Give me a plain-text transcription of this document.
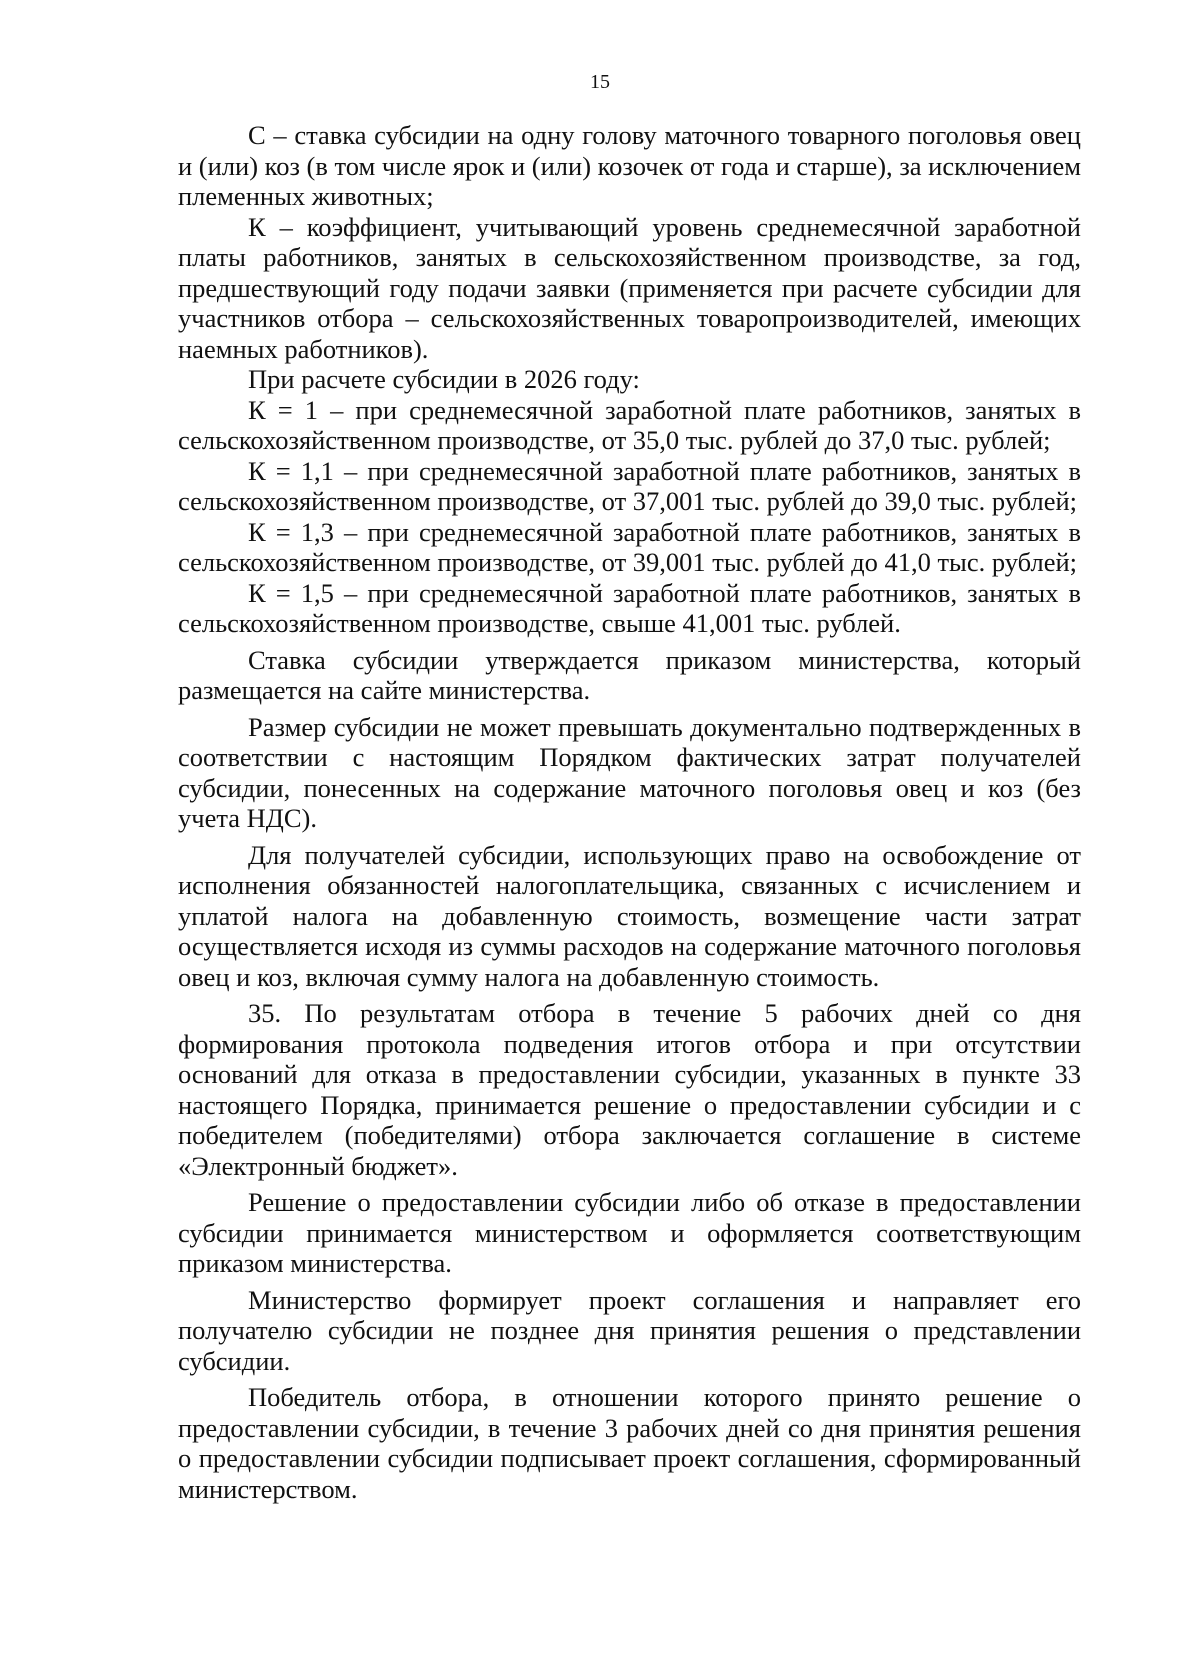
15

С – ставка субсидии на одну голову маточного товарного поголовья овец и (или) коз (в том числе ярок и (или) козочек от года и старше), за исключением племенных животных;

К – коэффициент, учитывающий уровень среднемесячной заработной платы работников, занятых в сельскохозяйственном производстве, за год, предшествующий году подачи заявки (применяется при расчете субсидии для участников отбора – сельскохозяйственных товаропроизводителей, имеющих наемных работников).

При расчете субсидии в 2026 году:

К = 1 – при среднемесячной заработной плате работников, занятых в сельскохозяйственном производстве, от 35,0 тыс. рублей до 37,0 тыс. рублей;

К = 1,1 – при среднемесячной заработной плате работников, занятых в сельскохозяйственном производстве, от 37,001 тыс. рублей до 39,0 тыс. рублей;

К = 1,3 – при среднемесячной заработной плате работников, занятых в сельскохозяйственном производстве, от 39,001 тыс. рублей до 41,0 тыс. рублей;

К = 1,5 – при среднемесячной заработной плате работников, занятых в сельскохозяйственном производстве, свыше 41,001 тыс. рублей.

Ставка субсидии утверждается приказом министерства, который размещается на сайте министерства.

Размер субсидии не может превышать документально подтвержденных в соответствии с настоящим Порядком фактических затрат получателей субсидии, понесенных на содержание маточного поголовья овец и коз (без учета НДС).

Для получателей субсидии, использующих право на освобождение от исполнения обязанностей налогоплательщика, связанных с исчислением и уплатой налога на добавленную стоимость, возмещение части затрат осуществляется исходя из суммы расходов на содержание маточного поголовья овец и коз, включая сумму налога на добавленную стоимость.

35. По результатам отбора в течение 5 рабочих дней со дня формирования протокола подведения итогов отбора и при отсутствии оснований для отказа в предоставлении субсидии, указанных в пункте 33 настоящего Порядка, принимается решение о предоставлении субсидии и с победителем (победителями) отбора заключается соглашение в системе «Электронный бюджет».

Решение о предоставлении субсидии либо об отказе в предоставлении субсидии принимается министерством и оформляется соответствующим приказом министерства.

Министерство формирует проект соглашения и направляет его получателю субсидии не позднее дня принятия решения о представлении субсидии.

Победитель отбора, в отношении которого принято решение о предоставлении субсидии, в течение 3 рабочих дней со дня принятия решения о предоставлении субсидии подписывает проект соглашения, сформированный министерством.
